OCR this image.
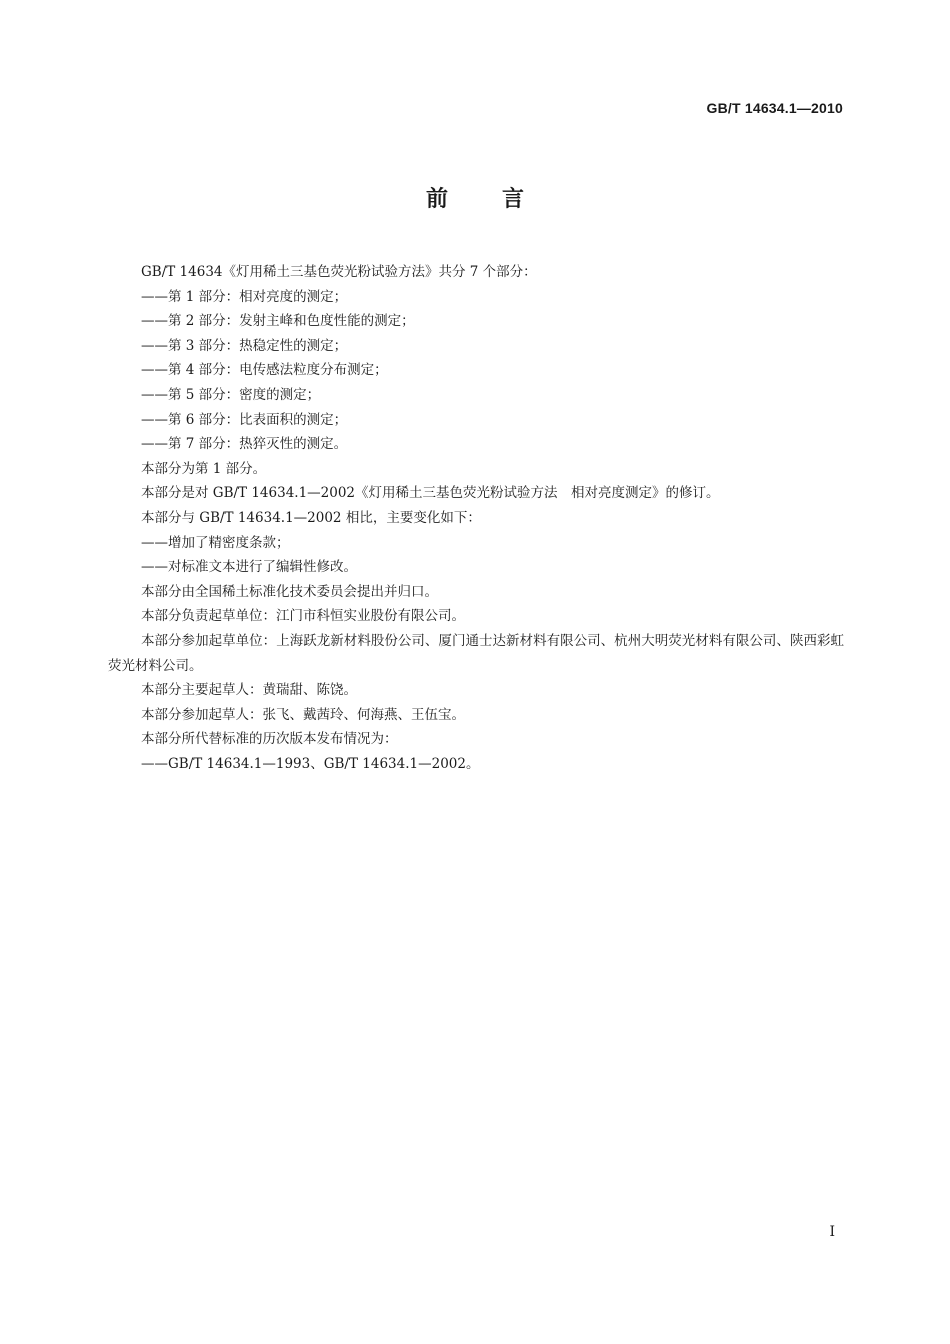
GB/T 14634.1—2010
前 言

GB/T 14634《灯用稀土三基色荧光粉试验方法》共分 7 个部分：

——第 1 部分：相对亮度的测定；

——第 2 部分：发射主峰和色度性能的测定；

——第 3 部分：热稳定性的测定；

——第 4 部分：电传感法粒度分布测定；

——第 5 部分：密度的测定；

——第 6 部分：比表面积的测定；

——第 7 部分：热猝灭性的测定。

本部分为第 1 部分。

本部分是对 GB/T 14634.1—2002《灯用稀土三基色荧光粉试验方法　相对亮度测定》的修订。

本部分与 GB/T 14634.1—2002 相比，主要变化如下：

——增加了精密度条款；

——对标准文本进行了编辑性修改。

本部分由全国稀土标准化技术委员会提出并归口。

本部分负责起草单位：江门市科恒实业股份有限公司。

本部分参加起草单位：上海跃龙新材料股份公司、厦门通士达新材料有限公司、杭州大明荧光材料有限公司、陕西彩虹荧光材料公司。

本部分主要起草人：黄瑞甜、陈饶。

本部分参加起草人：张飞、戴茜玲、何海燕、王伍宝。

本部分所代替标准的历次版本发布情况为：

——GB/T 14634.1—1993、GB/T 14634.1—2002。

I
